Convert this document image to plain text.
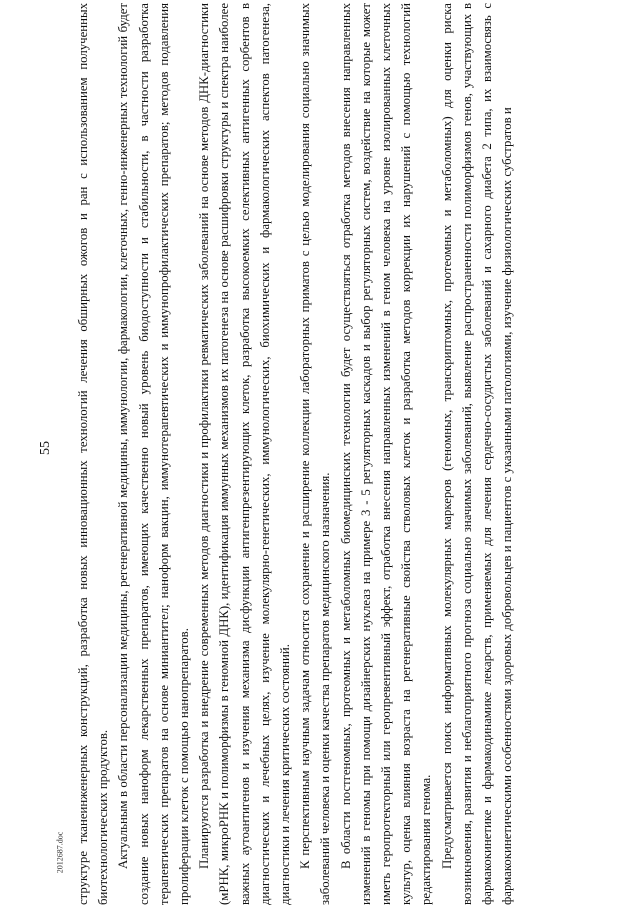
55 структуре тканеинженерных конструкций, разработка новых инновационных технологий лечения обширных ожогов и ран с использованием полученных биотехнологических продуктов. Актуальным в области персонализации медицины, регенеративной медицины, иммунологии, фармакологии, клеточных, генно-инженерных технологий будет создание новых наноформ лекарственных препаратов, имеющих качественно новый уровень биодоступности и стабильности, в частности разработка терапевтических препаратов на основе миниантител; наноформ вакцин, иммунотерапевтических и иммунопрофилактических препаратов; методов подавления пролиферации клеток с помощью нанопрепаратов. Планируются разработка и внедрение современных методов диагностики и профилактики ревматических заболеваний на основе методов ДНК-диагностики (мРНК, микроРНК и полиморфизмы в геномной ДНК), идентификация иммунных механизмов их патогенеза на основе расшифровки структуры и спектра наиболее важных аутоантигенов и изучения механизма дисфункции антигенпрезентирующих клеток, разработка высокоемких селективных антигенных сорбентов в диагностических и лечебных целях, изучение молекулярно-генетических, иммунологических, биохимических и фармакологических аспектов патогенеза, диагностики и лечения критических состояний. К перспективным научным задачам относится сохранение и расширение коллекции лабораторных приматов с целью моделирования социально значимых заболеваний человека и оценки качества препаратов медицинского назначения. В области постгеномных, протеомных и метаболомных биомедицинских технологии будет осуществляться отработка методов внесения направленных изменений в геномы при помощи дизайнерских нуклеаз на примере 3 - 5 регуляторных каскадов и выбор регуляторных систем, воздействие на которые может иметь геропротекторный или геропревентивный эффект, отработка внесения направленных изменений в геном человека на уровне изолированных клеточных культур, оценка влияния возраста на регенеративные свойства стволовых клеток и разработка методов коррекции их нарушений с помощью технологий редактирования генома. Предусматривается поиск информативных молекулярных маркеров (геномных, транскриптомных, протеомных и метаболомных) для оценки риска возникновения, развития и неблагоприятного прогноза социально значимых заболеваний, выявление распространенности полиморфизмов генов, участвующих в фармакокинетике и фармакодинамике лекарств, применяемых для лечения сердечно-сосудистых заболеваний и сахарного диабета 2 типа, их взаимосвязь с фармакокинетическими особенностями здоровых добровольцев и пациентов с указанными патологиями, изучение физиологических субстратов и

2012687.doc
